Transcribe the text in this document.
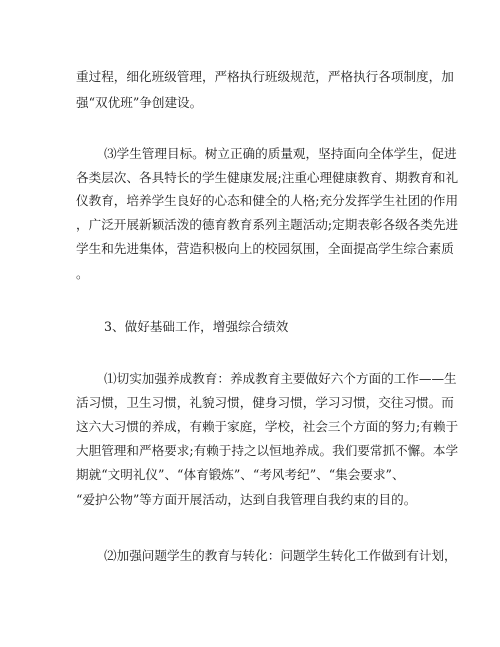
重过程，细化班级管理，严格执行班级规范，严格执行各项制度，加
强“双优班”争创建设。
⑶学生管理目标。树立正确的质量观，坚持面向全体学生，促进
各类层次、各具特长的学生健康发展;注重心理健康教育、期教育和礼
仪教育，培养学生良好的心态和健全的人格;充分发挥学生社团的作用
，广泛开展新颖活泼的德育教育系列主题活动;定期表彰各级各类先进
学生和先进集体，营造积极向上的校园氛围，全面提高学生综合素质
。
3、做好基础工作，增强综合绩效
⑴切实加强养成教育：养成教育主要做好六个方面的工作——生
活习惯，卫生习惯，礼貌习惯，健身习惯，学习习惯，交往习惯。而
这六大习惯的养成，有赖于家庭，学校，社会三个方面的努力;有赖于
大胆管理和严格要求;有赖于持之以恒地养成。我们要常抓不懈。本学
期就“文明礼仪”、“体育锻炼”、“考风考纪”、“集会要求”、
“爱护公物”等方面开展活动，达到自我管理自我约束的目的。
⑵加强问题学生的教育与转化：问题学生转化工作做到有计划，
